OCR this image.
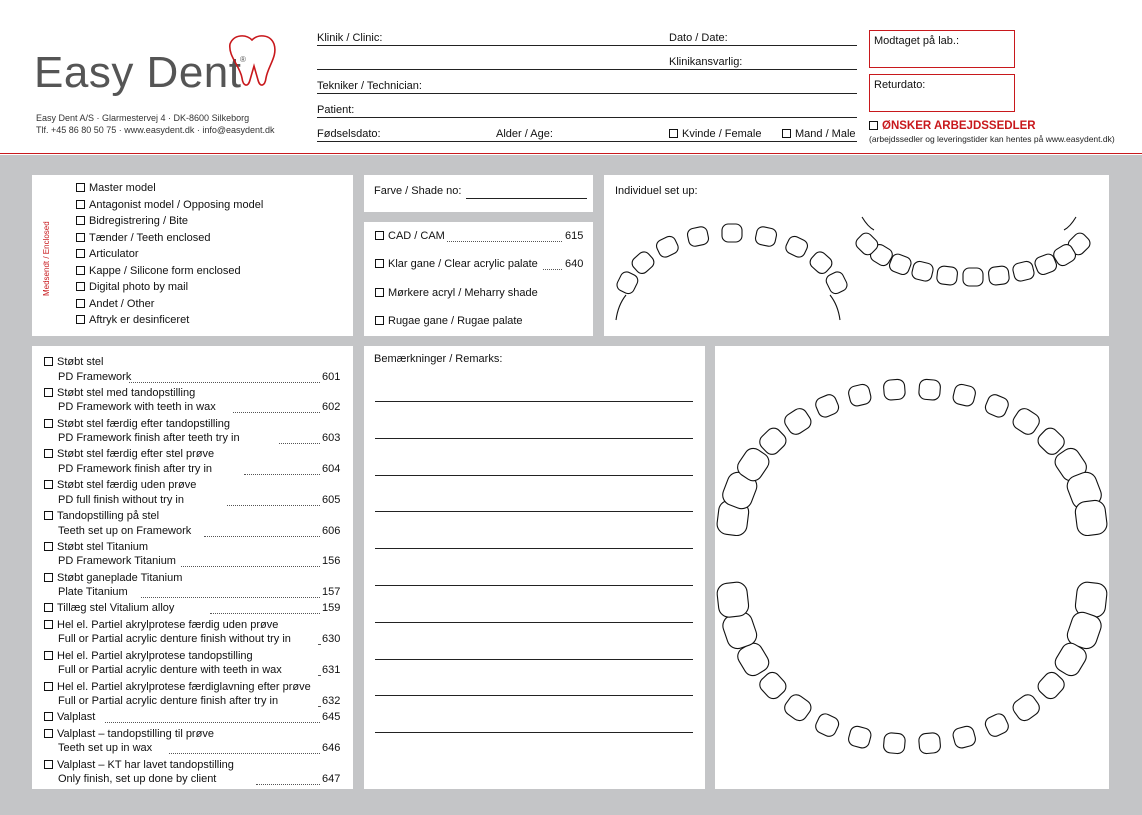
Easy Dent
®
Easy Dent A/S · Glarmestervej 4 · DK-8600 Silkeborg
Tlf. +45 86 80 50 75 · www.easydent.dk · info@easydent.dk
Klinik / Clinic:	Dato / Date:
Klinikansvarlig:
Tekniker / Technician:
Patient:
Fødselsdato:	Alder / Age:	Kvinde / Female	Mand / Male
Modtaget på lab.:
Returdato:
ØNSKER ARBEJDSSEDLER
(arbejdssedler og leveringstider kan hentes på www.easydent.dk)
Medsendt / Enclosed
Master model
Antagonist model / Opposing model
Bidregistrering / Bite
Tænder / Teeth enclosed
Articulator
Kappe / Silicone form enclosed
Digital photo by mail
Andet / Other
Aftryk er desinficeret
Farve / Shade no:
CAD / CAM	615
Klar gane / Clear acrylic palate 640
Mørkere acryl / Meharry shade
Rugae gane / Rugae palate
Individuel set up:
Støbt stel
PD Framework	601
Støbt stel med tandopstilling
PD Framework with teeth in wax	602
Støbt stel færdig efter tandopstilling
PD Framework finish after teeth try in	603
Støbt stel færdig efter stel prøve
PD Framework finish after try in	604
Støbt stel færdig uden prøve
PD full finish without try in	605
Tandopstilling på stel
Teeth set up on Framework	606
Støbt stel Titanium
PD Framework Titanium	156
Støbt ganeplade Titanium
Plate Titanium	157
Tillæg stel Vitalium alloy	159
Hel el. Partiel akrylprotese færdig uden prøve
Full or Partial acrylic denture finish without try in	630
Hel el. Partiel akrylprotese tandopstilling
Full or Partial acrylic denture with teeth in wax	631
Hel el. Partiel akrylprotese færdiglavning efter prøve
Full or Partial acrylic denture finish after try in	632
Valplast	645
Valplast – tandopstilling til prøve
Teeth set up in wax	646
Valplast – KT har lavet tandopstilling
Only finish, set up done by client	647
Bemærkninger / Remarks:
